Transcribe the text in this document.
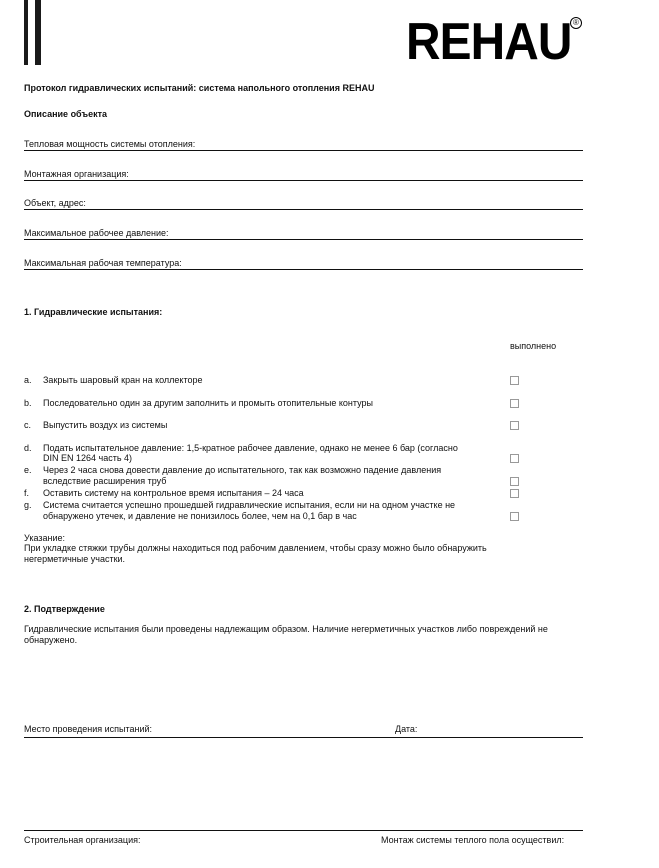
REHAU ®
Протокол гидравлических испытаний: система напольного отопления REHAU
Описание объекта
Тепловая мощность системы отопления:
Монтажная организация:
Объект, адрес:
Максимальное рабочее давление:
Максимальная рабочая температура:
1. Гидравлические испытания:
выполнено
a. Закрыть шаровый кран на коллекторе
b. Последовательно один за другим заполнить и промыть отопительные контуры
c. Выпустить воздух из системы
d. Подать испытательное давление: 1,5-кратное рабочее давление, однако не менее 6 бар (согласно
DIN EN 1264 часть 4)
e. Через 2 часа снова довести давление до испытательного, так как возможно падение давления
вследствие расширения труб
f. Оставить систему на контрольное время испытания – 24 часа
g. Система считается успешно прошедшей гидравлические испытания, если ни на одном участке не
обнаружено утечек, и давление не понизилось более, чем на 0,1 бар в час
Указание:
При укладке стяжки трубы должны находиться под рабочим давлением, чтобы сразу можно было обнаружить
негерметичные участки.
2. Подтверждение
Гидравлические испытания были проведены надлежащим образом. Наличие негерметичных участков либо повреждений не
обнаружено.
Место проведения испытаний:	Дата:
Строительная организация:	Монтаж системы теплого пола осуществил:
